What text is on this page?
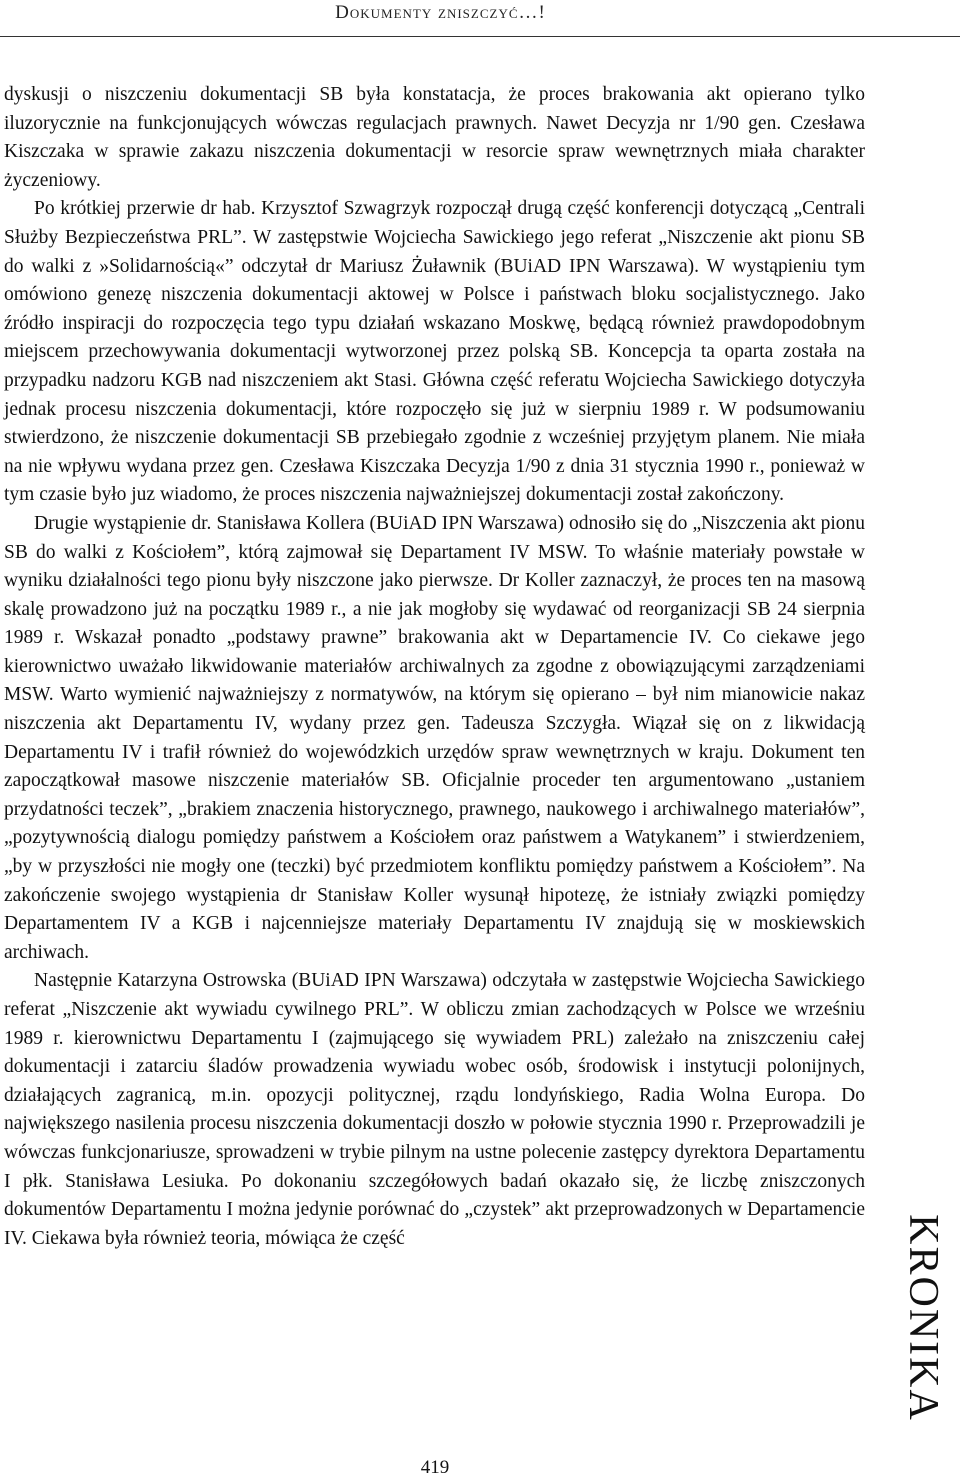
Dokumenty zniszczyć…!

dyskusji o niszczeniu dokumentacji SB była konstatacja, że proces brakowania akt opierano tylko iluzorycznie na funkcjonujących wówczas regulacjach prawnych. Nawet Decyzja nr 1/90 gen. Czesława Kiszczaka w sprawie zakazu niszczenia dokumentacji w resorcie spraw wewnętrznych miała charakter życzeniowy.

Po krótkiej przerwie dr hab. Krzysztof Szwagrzyk rozpoczął drugą część konferencji dotyczącą „Centrali Służby Bezpieczeństwa PRL”. W zastępstwie Wojciecha Sawickiego jego referat „Niszczenie akt pionu SB do walki z »Solidarnością«” odczytał dr Mariusz Żuławnik (BUiAD IPN Warszawa). W wystąpieniu tym omówiono genezę niszczenia dokumentacji aktowej w Polsce i państwach bloku socjalistycznego. Jako źródło inspiracji do rozpoczęcia tego typu działań wskazano Moskwę, będącą również prawdopodobnym miejscem przechowywania dokumentacji wytworzonej przez polską SB. Koncepcja ta oparta została na przypadku nadzoru KGB nad niszczeniem akt Stasi. Główna część referatu Wojciecha Sawickiego dotyczyła jednak procesu niszczenia dokumentacji, które rozpoczęło się już w sierpniu 1989 r. W podsumowaniu stwierdzono, że niszczenie dokumentacji SB przebiegało zgodnie z wcześniej przyjętym planem. Nie miała na nie wpływu wydana przez gen. Czesława Kiszczaka Decyzja 1/90 z dnia 31 stycznia 1990 r., ponieważ w tym czasie było juz wiadomo, że proces niszczenia najważniejszej dokumentacji został zakończony.

Drugie wystąpienie dr. Stanisława Kollera (BUiAD IPN Warszawa) odnosiło się do „Niszczenia akt pionu SB do walki z Kościołem”, którą zajmował się Departament IV MSW. To właśnie materiały powstałe w wyniku działalności tego pionu były niszczone jako pierwsze. Dr Koller zaznaczył, że proces ten na masową skalę prowadzono już na początku 1989 r., a nie jak mogłoby się wydawać od reorganizacji SB 24 sierpnia 1989 r. Wskazał ponadto „podstawy prawne” brakowania akt w Departamencie IV. Co ciekawe jego kierownictwo uważało likwidowanie materiałów archiwalnych za zgodne z obowiązującymi zarządzeniami MSW. Warto wymienić najważniejszy z normatywów, na którym się opierano – był nim mianowicie nakaz niszczenia akt Departamentu IV, wydany przez gen. Tadeusza Szczygła. Wiązał się on z likwidacją Departamentu IV i trafił również do wojewódzkich urzędów spraw wewnętrznych w kraju. Dokument ten zapoczątkował masowe niszczenie materiałów SB. Oficjalnie proceder ten argumentowano „ustaniem przydatności teczek”, „brakiem znaczenia historycznego, prawnego, naukowego i archiwalnego materiałów”, „pozytywnością dialogu pomiędzy państwem a Kościołem oraz państwem a Watykanem” i stwierdzeniem, „by w przyszłości nie mogły one (teczki) być przedmiotem konfliktu pomiędzy państwem a Kościołem”. Na zakończenie swojego wystąpienia dr Stanisław Koller wysunął hipotezę, że istniały związki pomiędzy Departamentem IV a KGB i najcenniejsze materiały Departamentu IV znajdują się w moskiewskich archiwach.

Następnie Katarzyna Ostrowska (BUiAD IPN Warszawa) odczytała w zastępstwie Wojciecha Sawickiego referat „Niszczenie akt wywiadu cywilnego PRL”. W obliczu zmian zachodzących w Polsce we wrześniu 1989 r. kierownictwu Departamentu I (zajmującego się wywiadem PRL) zależało na zniszczeniu całej dokumentacji i zatarciu śladów prowadzenia wywiadu wobec osób, środowisk i instytucji polonijnych, działających zagranicą, m.in. opozycji politycznej, rządu londyńskiego, Radia Wolna Europa. Do największego nasilenia procesu niszczenia dokumentacji doszło w połowie stycznia 1990 r. Przeprowadzili je wówczas funkcjonariusze, sprowadzeni w trybie pilnym na ustne polecenie zastępcy dyrektora Departamentu I płk. Stanisława Lesiuka. Po dokonaniu szczegółowych badań okazało się, że liczbę zniszczonych dokumentów Departamentu I można jedynie porównać do „czystek” akt przeprowadzonych w Departamencie IV. Ciekawa była również teoria, mówiąca że część	KRONIKA
419
